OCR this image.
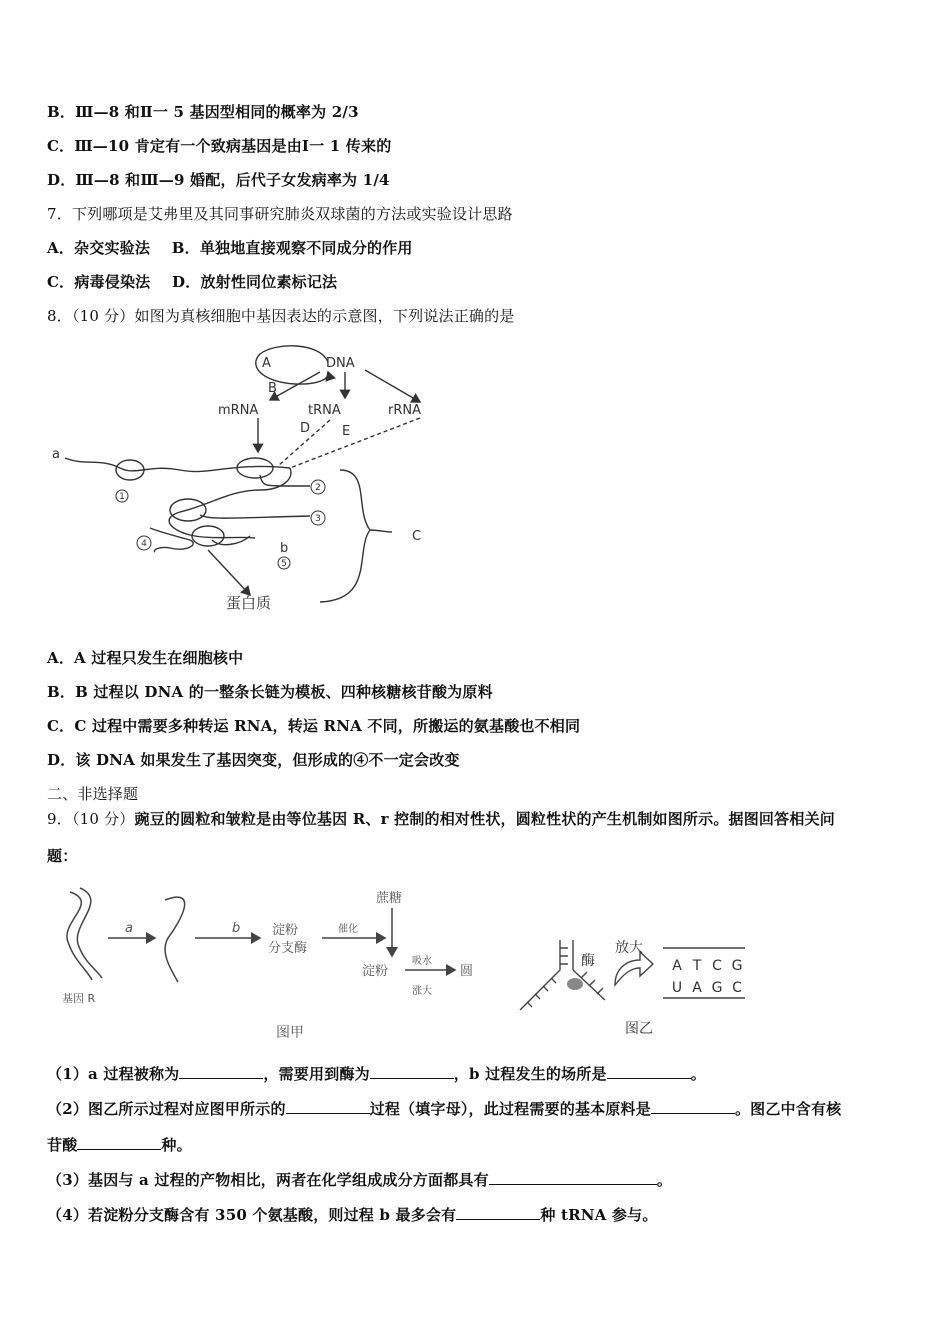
B．Ⅲ—8 和Ⅱ一 5 基因型相同的概率为 2/3
C．Ⅲ—10 肯定有一个致病基因是由Ⅰ一 1 传来的
D．Ⅲ—8 和Ⅲ—9 婚配，后代子女发病率为 1/4
7．下列哪项是艾弗里及其同事研究肺炎双球菌的方法或实验设计思路
A．杂交实验法 B．单独地直接观察不同成分的作用
C．病毒侵染法 D．放射性同位素标记法
8．（10 分）如图为真核细胞中基因表达的示意图，下列说法正确的是
A	DNA
B
mRNA	tRNA	rRNA
D E
a
b
C
蛋白质
1
2
3
4
5
A．A 过程只发生在细胞核中
B．B 过程以 DNA 的一整条长链为模板、四种核糖核苷酸为原料
C．C 过程中需要多种转运 RNA，转运 RNA 不同，所搬运的氨基酸也不相同
D．该 DNA 如果发生了基因突变，但形成的④不一定会改变
二、非选择题
9．（10 分）豌豆的圆粒和皱粒是由等位基因 R、r 控制的相对性状，圆粒性状的产生机制如图所示。据图回答相关问
题：
a	b
基因 R
淀粉
分支酶
催化
蔗糖
淀粉
吸水
涨大
圆
图甲
酶
放大
A T C G
U A G C
图乙
（1）a 过程被称为	，需要用到酶为	，b 过程发生的场所是	。
（2）图乙所示过程对应图甲所示的	过程（填字母），此过程需要的基本原料是	。图乙中含有核
苷酸	种。
（3）基因与 a 过程的产物相比，两者在化学组成成分方面都具有	。
（4）若淀粉分支酶含有 350 个氨基酸，则过程 b 最多会有	种 tRNA 参与。
